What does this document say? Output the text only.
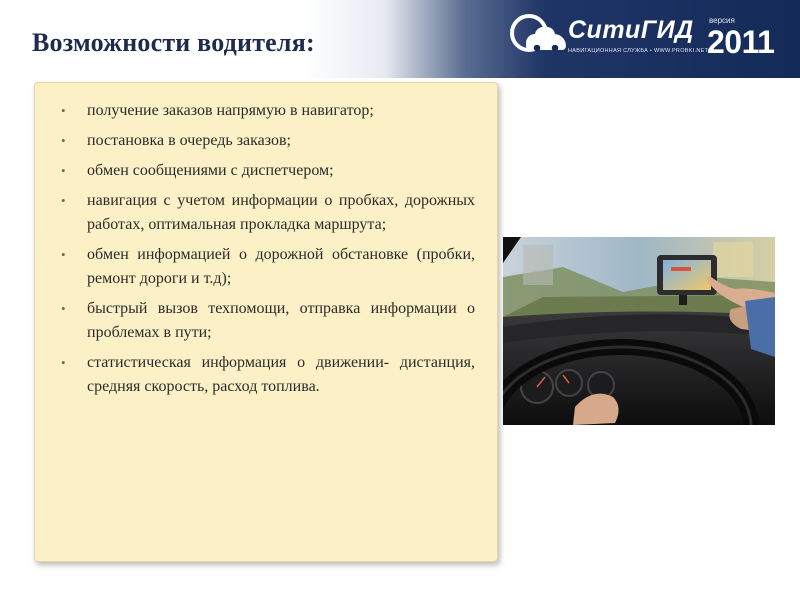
Возможности водителя:	СитиГИД
НАВИГАЦИОННАЯ СЛУЖБА • WWW.PROBKI.NET
версия
2011
• получение заказов напрямую в навигатор;
• постановка в очередь заказов;
• обмен сообщениями с диспетчером;
• навигация с учетом информации о пробках, дорожных работах, оптимальная прокладка маршрута;
• обмен информацией о дорожной обстановке (пробки, ремонт дороги и т.д);
• быстрый вызов техпомощи, отправка информации о проблемах в пути;
• статистическая информация о движении- дистанция, средняя скорость, расход топлива.
